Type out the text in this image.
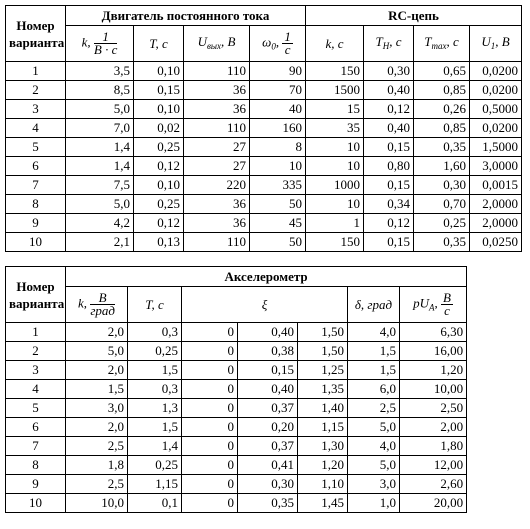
Номер варианта	Двигатель постоянного тока				RC-цепь			
	k, $\frac{1}{B \cdot c}$	T, c	$U_{вых}$, B	$\omega_0$, $\frac{1}{c}$	k, c	$T_H$, c	$T_{max}$, c	$U_1$, B
1	3,5	0,10	110	90	150	0,30	0,65	0,0200
2	8,5	0,15	36	70	1500	0,40	0,85	0,0200
3	5,0	0,10	36	40	15	0,12	0,26	0,5000
4	7,0	0,02	110	160	35	0,40	0,85	0,0200
5	1,4	0,25	27	8	10	0,15	0,35	1,5000
6	1,4	0,12	27	10	10	0,80	1,60	3,0000
7	7,5	0,10	220	335	1000	0,15	0,30	0,0015
8	5,0	0,25	36	50	10	0,34	0,70	2,0000
9	4,2	0,12	36	45	1	0,12	0,25	2,0000
10	2,1	0,13	110	50	150	0,15	0,35	0,0250
Номер варианта	Акселерометр						
	k, $\frac{B}{\text{град}}$	T, c	ξ			δ, град	$pU_A$, $\frac{B}{c}$

1	2,0	0,3	0	0,40	1,50	4,0	6,30
2	5,0	0,25	0	0,38	1,50	1,5	16,00
3	2,0	1,5	0	0,15	1,25	1,5	1,20
4	1,5	0,3	0	0,40	1,35	6,0	10,00
5	3,0	1,3	0	0,37	1,40	2,5	2,50
6	2,0	1,5	0	0,20	1,15	5,0	2,00
7	2,5	1,4	0	0,37	1,30	4,0	1,80
8	1,8	0,25	0	0,41	1,20	5,0	12,00
9	2,5	1,15	0	0,30	1,10	3,0	2,60
10	10,0	0,1	0	0,35	1,45	1,0	20,00
